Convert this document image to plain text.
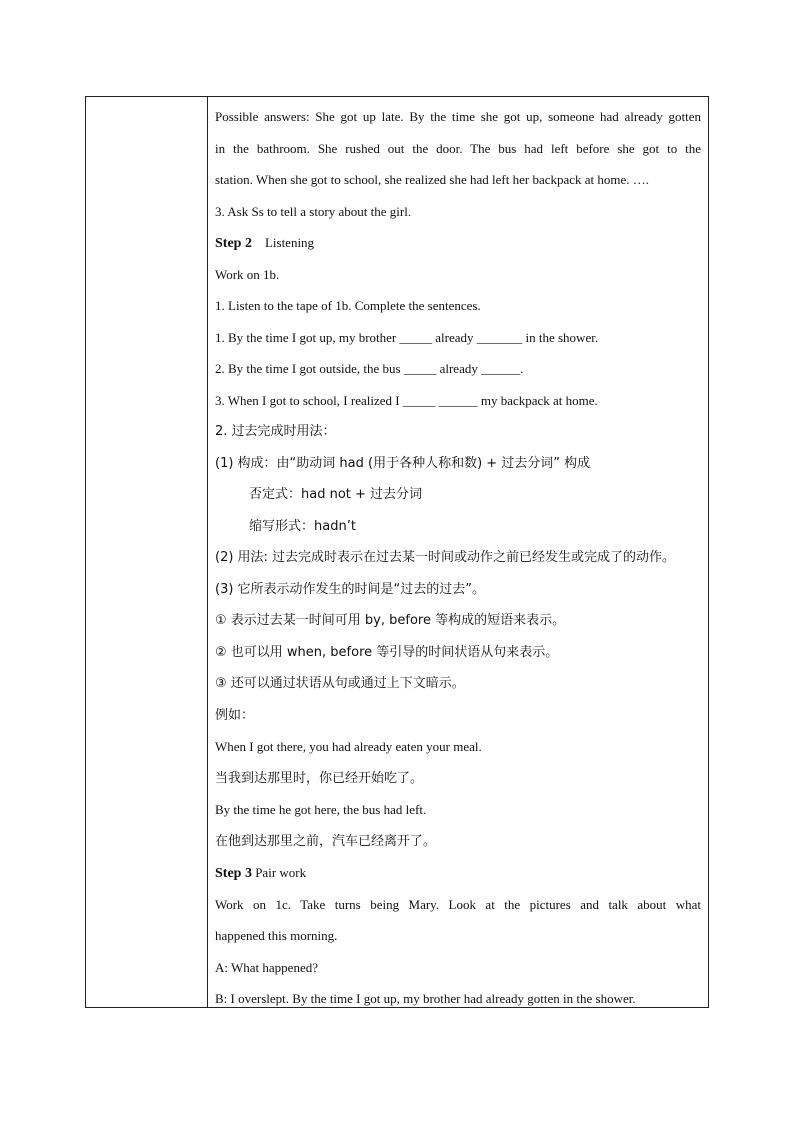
Possible answers: She got up late. By the time she got up, someone had already gotten
in the bathroom. She rushed out the door. The bus had left before she got to the
station. When she got to school, she realized she had left her backpack at home. ….
3. Ask Ss to tell a story about the girl.
Step 2    Listening
Work on 1b.
1. Listen to the tape of 1b. Complete the sentences.
1. By the time I got up, my brother _____ already _______ in the shower.
2. By the time I got outside, the bus _____ already ______.
3. When I got to school, I realized I _____ ______ my backpack at home.
2. 过去完成时用法：
(1) 构成：由“助动词 had (用于各种人称和数) + 过去分词” 构成
否定式：had not + 过去分词
缩写形式：hadn’t
(2) 用法: 过去完成时表示在过去某一时间或动作之前已经发生或完成了的动作。
(3) 它所表示动作发生的时间是“过去的过去”。
① 表示过去某一时间可用 by, before 等构成的短语来表示。
② 也可以用 when, before 等引导的时间状语从句来表示。
③ 还可以通过状语从句或通过上下文暗示。
例如：
When I got there, you had already eaten your meal.
当我到达那里时，你已经开始吃了。
By the time he got here, the bus had left.
在他到达那里之前，汽车已经离开了。
Step 3 Pair work
Work on 1c. Take turns being Mary. Look at the pictures and talk about what
happened this morning.
A: What happened?
B: I overslept. By the time I got up, my brother had already gotten in the shower.
